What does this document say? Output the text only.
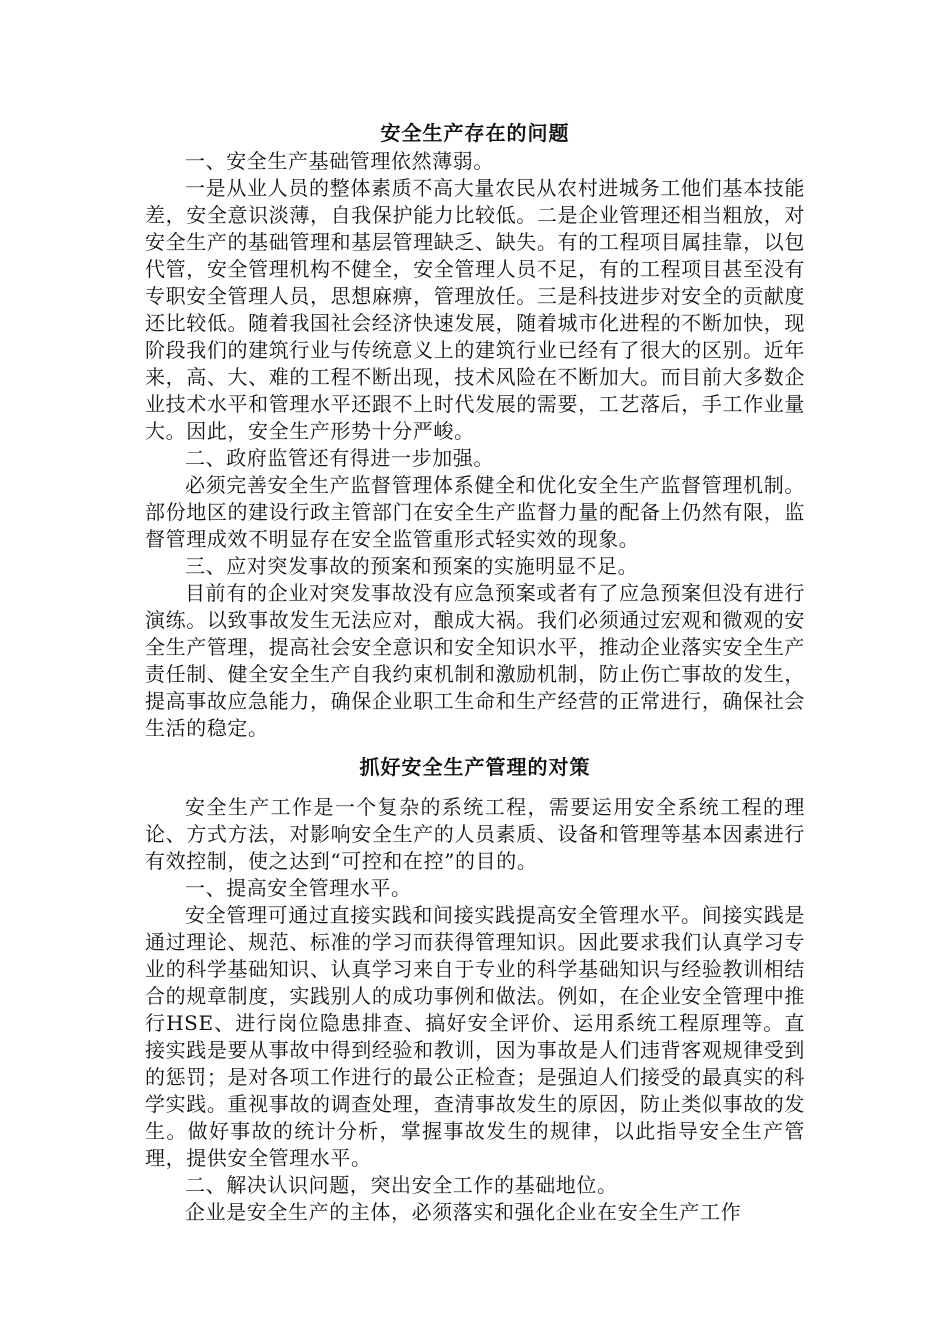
安全生产存在的问题

一、安全生产基础管理依然薄弱。

一是从业人员的整体素质不高大量农民从农村进城务工他们基本技能差，安全意识淡薄，自我保护能力比较低。二是企业管理还相当粗放，对安全生产的基础管理和基层管理缺乏、缺失。有的工程项目属挂靠，以包代管，安全管理机构不健全，安全管理人员不足，有的工程项目甚至没有专职安全管理人员，思想麻痹，管理放任。三是科技进步对安全的贡献度还比较低。随着我国社会经济快速发展，随着城市化进程的不断加快，现阶段我们的建筑行业与传统意义上的建筑行业已经有了很大的区别。近年来，高、大、难的工程不断出现，技术风险在不断加大。而目前大多数企业技术水平和管理水平还跟不上时代发展的需要，工艺落后，手工作业量大。因此，安全生产形势十分严峻。

二、政府监管还有得进一步加强。

必须完善安全生产监督管理体系健全和优化安全生产监督管理机制。部份地区的建设行政主管部门在安全生产监督力量的配备上仍然有限，监督管理成效不明显存在安全监管重形式轻实效的现象。

三、应对突发事故的预案和预案的实施明显不足。

目前有的企业对突发事故没有应急预案或者有了应急预案但没有进行演练。以致事故发生无法应对，酿成大祸。我们必须通过宏观和微观的安全生产管理，提高社会安全意识和安全知识水平，推动企业落实安全生产责任制、健全安全生产自我约束机制和激励机制，防止伤亡事故的发生，提高事故应急能力，确保企业职工生命和生产经营的正常进行，确保社会生活的稳定。

抓好安全生产管理的对策

安全生产工作是一个复杂的系统工程，需要运用安全系统工程的理论、方式方法，对影响安全生产的人员素质、设备和管理等基本因素进行有效控制，使之达到“可控和在控”的目的。

一、提高安全管理水平。

安全管理可通过直接实践和间接实践提高安全管理水平。间接实践是通过理论、规范、标准的学习而获得管理知识。因此要求我们认真学习专业的科学基础知识、认真学习来自于专业的科学基础知识与经验教训相结合的规章制度，实践别人的成功事例和做法。例如，在企业安全管理中推行HSE、进行岗位隐患排查、搞好安全评价、运用系统工程原理等。直接实践是要从事故中得到经验和教训，因为事故是人们违背客观规律受到的惩罚；是对各项工作进行的最公正检查；是强迫人们接受的最真实的科学实践。重视事故的调查处理，查清事故发生的原因，防止类似事故的发生。做好事故的统计分析，掌握事故发生的规律，以此指导安全生产管理，提供安全管理水平。

二、解决认识问题，突出安全工作的基础地位。

企业是安全生产的主体，必须落实和强化企业在安全生产工作
